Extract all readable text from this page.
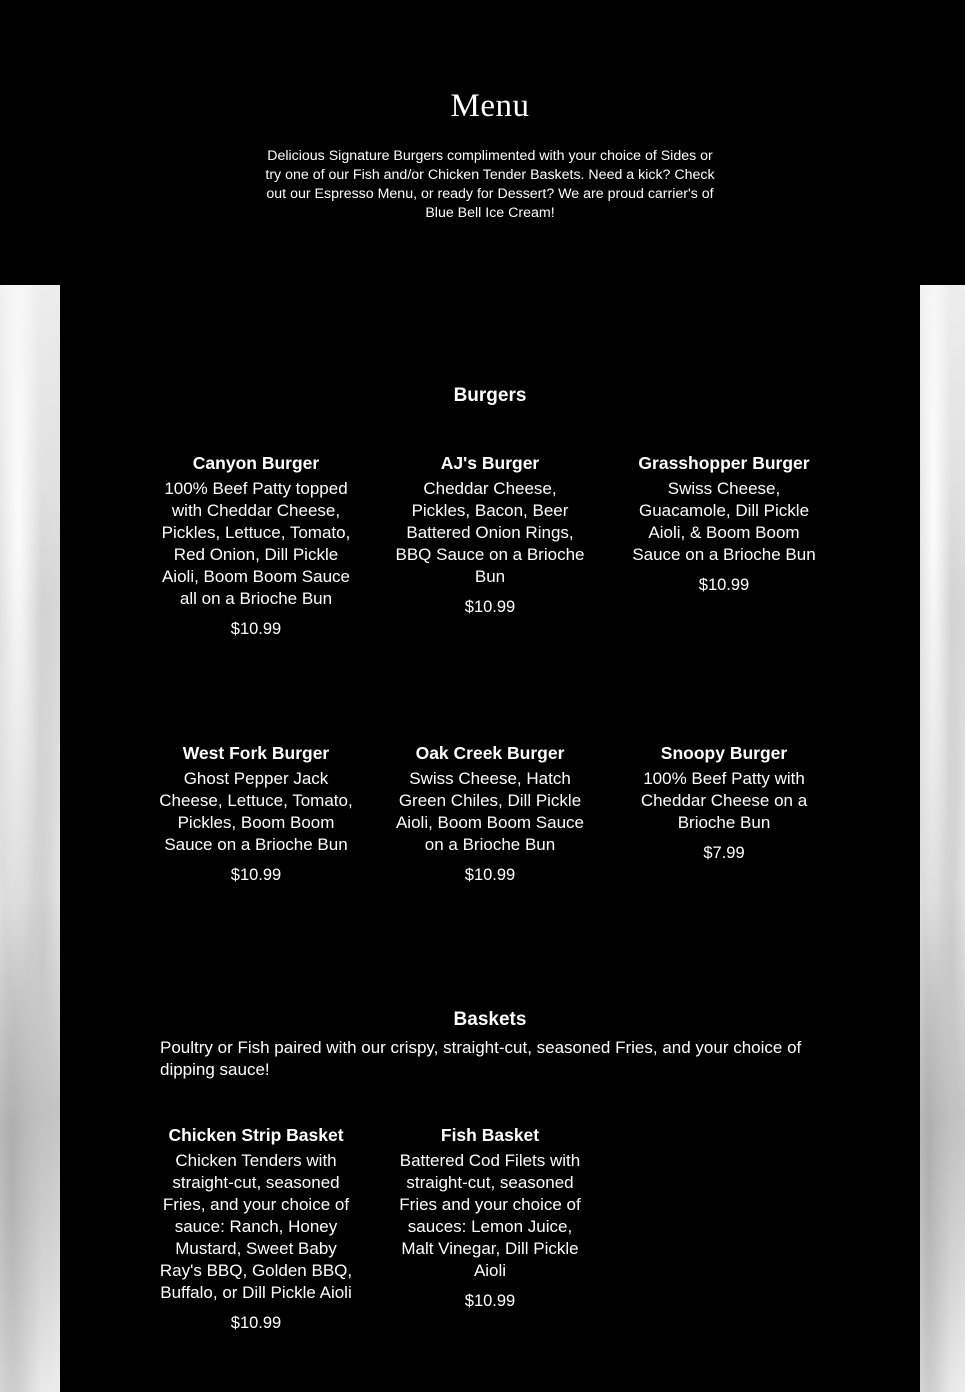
Menu
Delicious Signature Burgers complimented with your choice of Sides or try one of our Fish and/or Chicken Tender Baskets. Need a kick? Check out our Espresso Menu, or ready for Dessert? We are proud carrier's of Blue Bell Ice Cream!
Burgers
Canyon Burger
100% Beef Patty topped with Cheddar Cheese, Pickles, Lettuce, Tomato, Red Onion, Dill Pickle Aioli, Boom Boom Sauce all on a Brioche Bun
$10.99
AJ's Burger
Cheddar Cheese, Pickles, Bacon, Beer Battered Onion Rings, BBQ Sauce on a Brioche Bun
$10.99
Grasshopper Burger
Swiss Cheese, Guacamole, Dill Pickle Aioli, & Boom Boom Sauce on a Brioche Bun
$10.99
West Fork Burger
Ghost Pepper Jack Cheese, Lettuce, Tomato, Pickles, Boom Boom Sauce on a Brioche Bun
$10.99
Oak Creek Burger
Swiss Cheese, Hatch Green Chiles, Dill Pickle Aioli, Boom Boom Sauce on a Brioche Bun
$10.99
Snoopy Burger
100% Beef Patty with Cheddar Cheese on a Brioche Bun
$7.99
Baskets
Poultry or Fish paired with our crispy, straight-cut, seasoned Fries, and your choice of dipping sauce!
Chicken Strip Basket
Chicken Tenders with straight-cut, seasoned Fries, and your choice of sauce: Ranch, Honey Mustard, Sweet Baby Ray's BBQ, Golden BBQ, Buffalo, or Dill Pickle Aioli
$10.99
Fish Basket
Battered Cod Filets with straight-cut, seasoned Fries and your choice of sauces: Lemon Juice, Malt Vinegar, Dill Pickle Aioli
$10.99
